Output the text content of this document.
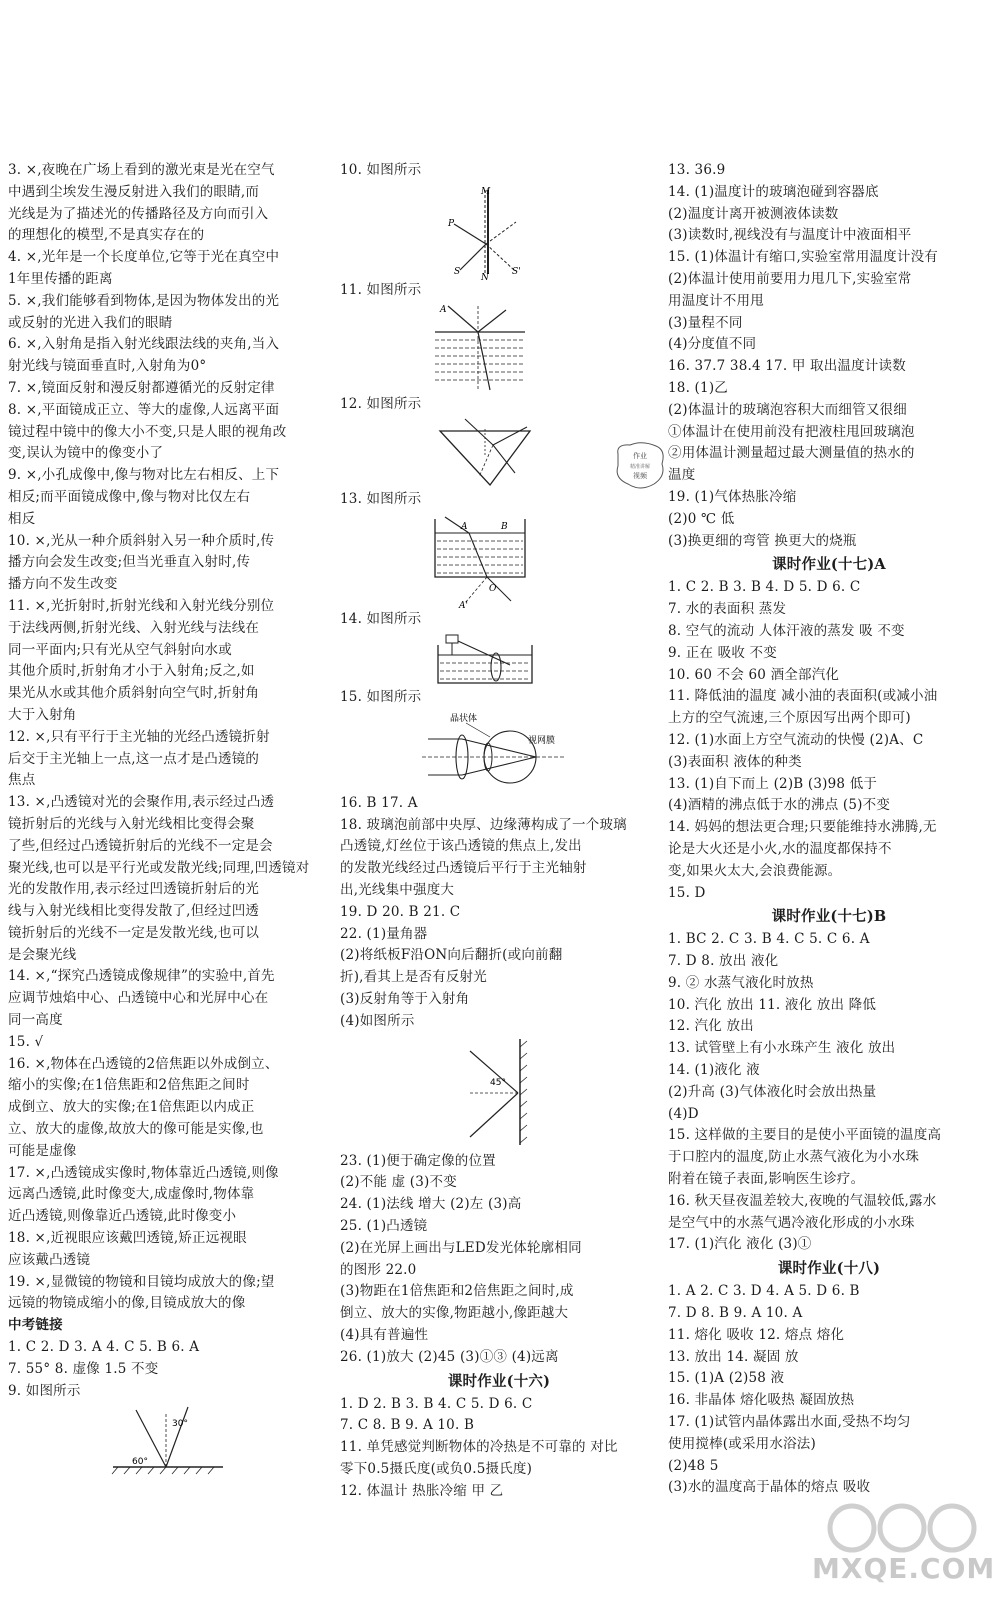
3. ×,夜晚在广场上看到的激光束是光在空气
中遇到尘埃发生漫反射进入我们的眼睛,而
光线是为了描述光的传播路径及方向而引入
的理想化的模型,不是真实存在的
4. ×,光年是一个长度单位,它等于光在真空中
1年里传播的距离
5. ×,我们能够看到物体,是因为物体发出的光
或反射的光进入我们的眼睛
6. ×,入射角是指入射光线跟法线的夹角,当入
射光线与镜面垂直时,入射角为0°
7. ×,镜面反射和漫反射都遵循光的反射定律
8. ×,平面镜成正立、等大的虚像,人远离平面
镜过程中镜中的像大小不变,只是人眼的视角改
变,误认为镜中的像变小了
9. ×,小孔成像中,像与物对比左右相反、上下
相反;而平面镜成像中,像与物对比仅左右
相反
10. ×,光从一种介质斜射入另一种介质时,传
播方向会发生改变;但当光垂直入射时,传
播方向不发生改变
11. ×,光折射时,折射光线和入射光线分别位
于法线两侧,折射光线、入射光线与法线在
同一平面内;只有光从空气斜射向水或
其他介质时,折射角才小于入射角;反之,如
果光从水或其他介质斜射向空气时,折射角
大于入射角
12. ×,只有平行于主光轴的光经凸透镜折射
后交于主光轴上一点,这一点才是凸透镜的
焦点
13. ×,凸透镜对光的会聚作用,表示经过凸透
镜折射后的光线与入射光线相比变得会聚
了些,但经过凸透镜折射后的光线不一定是会
聚光线,也可以是平行光或发散光线;同理,凹透镜对
光的发散作用,表示经过凹透镜折射后的光
线与入射光线相比变得发散了,但经过凹透
镜折射后的光线不一定是发散光线,也可以
是会聚光线
14. ×,“探究凸透镜成像规律”的实验中,首先
应调节烛焰中心、凸透镜中心和光屏中心在
同一高度
15. √
16. ×,物体在凸透镜的2倍焦距以外成倒立、
缩小的实像;在1倍焦距和2倍焦距之间时
成倒立、放大的实像;在1倍焦距以内成正
立、放大的虚像,故放大的像可能是实像,也
可能是虚像
17. ×,凸透镜成实像时,物体靠近凸透镜,则像
远离凸透镜,此时像变大,成虚像时,物体靠
近凸透镜,则像靠近凸透镜,此时像变小
18. ×,近视眼应该戴凹透镜,矫正远视眼
应该戴凸透镜
19. ×,显微镜的物镜和目镜均成放大的像;望
远镜的物镜成缩小的像,目镜成放大的像
中考链接
1. C 2. D 3. A 4. C 5. B 6. A
7. 55° 8. 虚像 1.5 不变
9. 如图所示
60°
30°
10. 如图所示
M
N
P
S	S'
11. 如图所示
A
12. 如图所示
13. 如图所示
A	B
O
A'
14. 如图所示
15. 如图所示
晶状体
视网膜
16. B 17. A
18. 玻璃泡前部中央厚、边缘薄构成了一个玻璃
凸透镜,灯丝位于该凸透镜的焦点上,发出
的发散光线经过凸透镜后平行于主光轴射
出,光线集中强度大
19. D 20. B 21. C
22. (1)量角器
(2)将纸板F沿ON向后翻折(或向前翻
折),看其上是否有反射光
(3)反射角等于入射角
(4)如图所示
45°
23. (1)便于确定像的位置
(2)不能 虚 (3)不变
24. (1)法线 增大 (2)左 (3)高
25. (1)凸透镜
(2)在光屏上画出与LED发光体轮廓相同
的图形 22.0
(3)物距在1倍焦距和2倍焦距之间时,成
倒立、放大的实像,物距越小,像距越大
(4)具有普遍性
26. (1)放大 (2)45 (3)①③ (4)远离
课时作业(十六)
1. D 2. B 3. B 4. C 5. D 6. C
7. C 8. B 9. A 10. B
11. 单凭感觉判断物体的冷热是不可靠的 对比
零下0.5摄氏度(或负0.5摄氏度)
12. 体温计 热胀冷缩 甲 乙
13. 36.9
14. (1)温度计的玻璃泡碰到容器底
(2)温度计离开被测液体读数
(3)读数时,视线没有与温度计中液面相平
15. (1)体温计有缩口,实验室常用温度计没有
(2)体温计使用前要用力甩几下,实验室常
用温度计不用甩
(3)量程不同
(4)分度值不同
16. 37.7 38.4 17. 甲 取出温度计读数
18. (1)乙
(2)体温计的玻璃泡容积大而细管又很细
①体温计在使用前没有把液柱甩回玻璃泡
②用体温计测量超过最大测量值的热水的
温度
19. (1)气体热胀冷缩
(2)0 ℃ 低
(3)换更细的弯管 换更大的烧瓶
课时作业(十七)A
1. C 2. B 3. B 4. D 5. D 6. C
7. 水的表面积 蒸发
8. 空气的流动 人体汗液的蒸发 吸 不变
9. 正在 吸收 不变
10. 60 不会 60 酒全部汽化
11. 降低油的温度 减小油的表面积(或减小油
上方的空气流速,三个原因写出两个即可)
12. (1)水面上方空气流动的快慢 (2)A、C
(3)表面积 液体的种类
13. (1)自下而上 (2)B (3)98 低于
(4)酒精的沸点低于水的沸点 (5)不变
14. 妈妈的想法更合理;只要能维持水沸腾,无
论是大火还是小火,水的温度都保持不
变,如果火太大,会浪费能源。
15. D
课时作业(十七)B
1. BC 2. C 3. B 4. C 5. C 6. A
7. D 8. 放出 液化
9. ② 水蒸气液化时放热
10. 汽化 放出 11. 液化 放出 降低
12. 汽化 放出
13. 试管壁上有小水珠产生 液化 放出
14. (1)液化 液
(2)升高 (3)气体液化时会放出热量
(4)D
15. 这样做的主要目的是使小平面镜的温度高
于口腔内的温度,防止水蒸气液化为小水珠
附着在镜子表面,影响医生诊疗。
16. 秋天昼夜温差较大,夜晚的气温较低,露水
是空气中的水蒸气遇冷液化形成的小水珠
17. (1)汽化 液化 (3)①
课时作业(十八)
1. A 2. C 3. D 4. A 5. D 6. B
7. D 8. B 9. A 10. A
11. 熔化 吸收 12. 熔点 熔化
13. 放出 14. 凝固 放
15. (1)A (2)58 液
16. 非晶体 熔化吸热 凝固放热
17. (1)试管内晶体露出水面,受热不均匀
使用搅棒(或采用水浴法)
(2)48 5
(3)水的温度高于晶体的熔点 吸收
作业
精准讲解
视频
MXQE.COM
